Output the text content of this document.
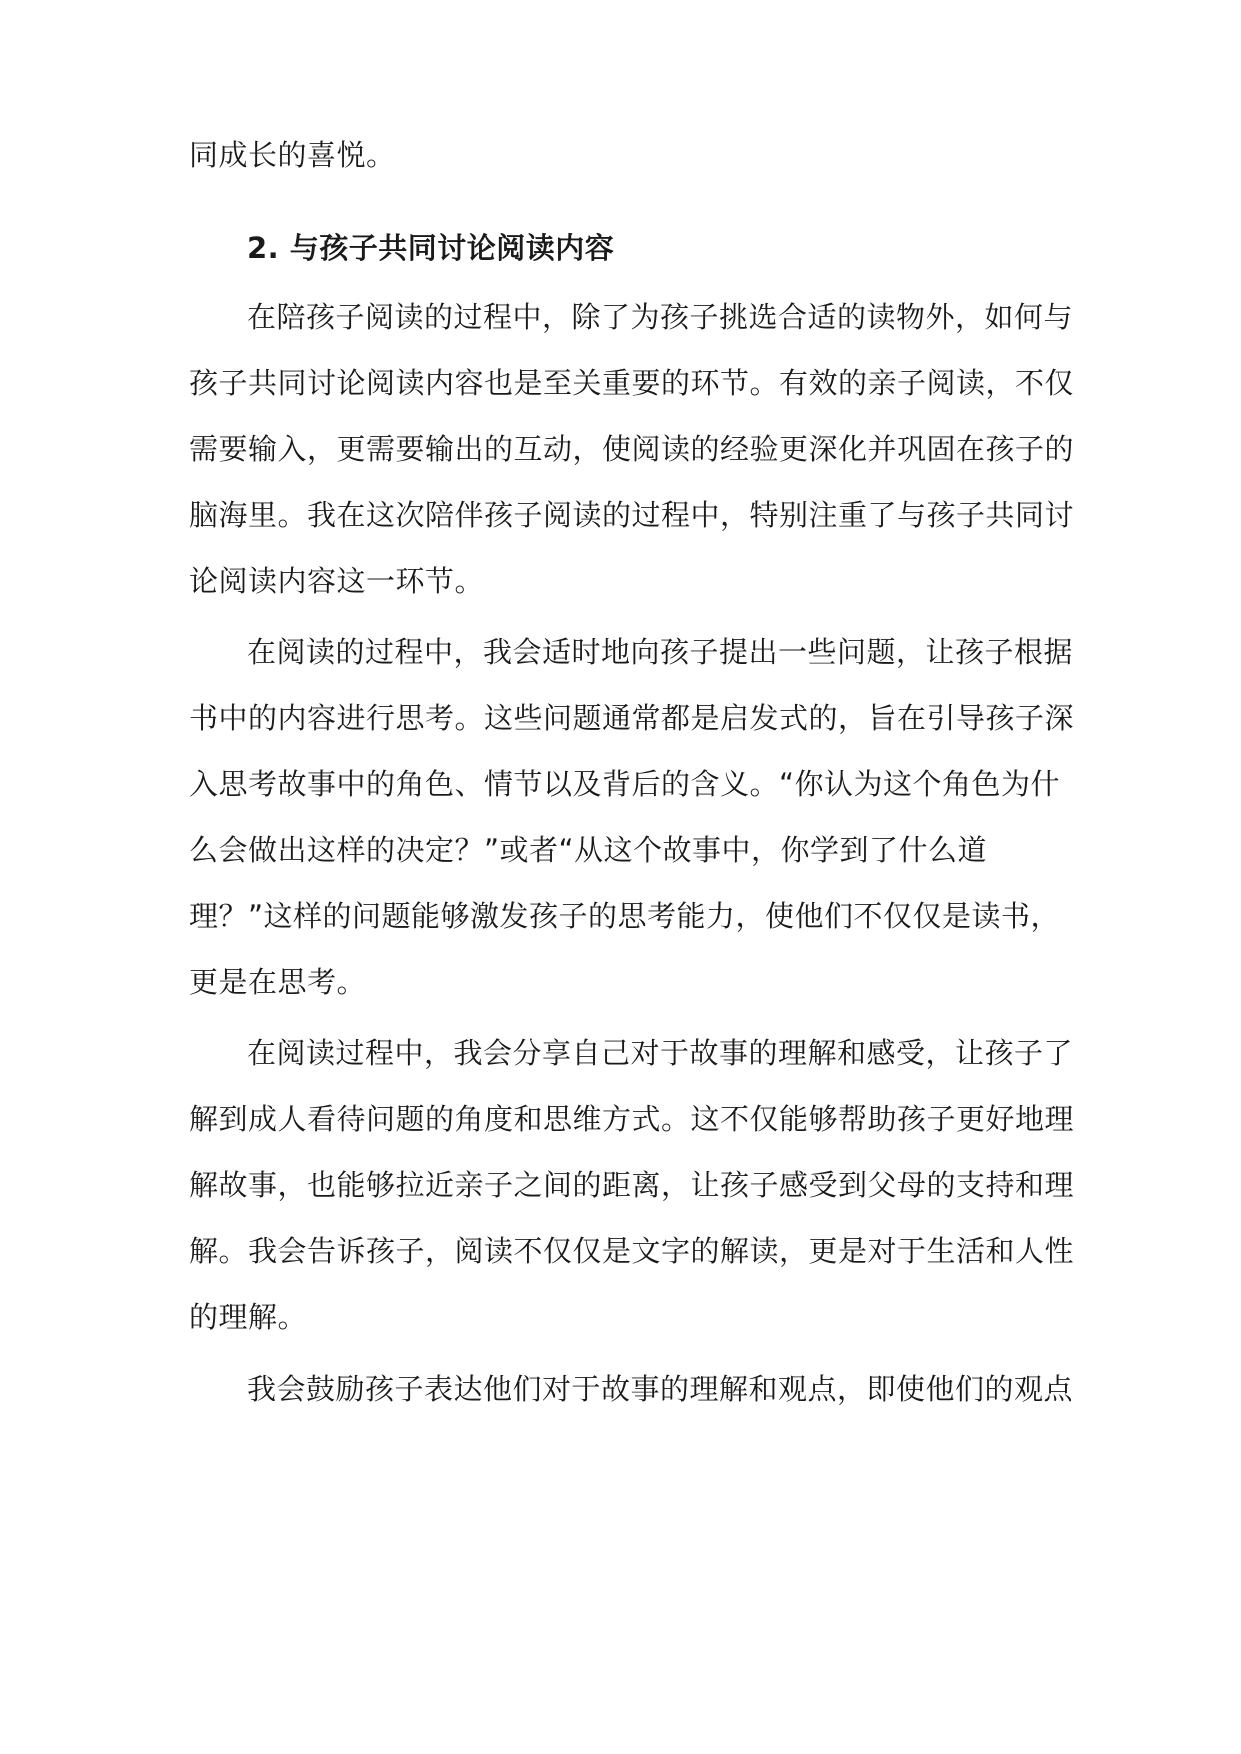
同成长的喜悦。
2. 与孩子共同讨论阅读内容
在陪孩子阅读的过程中，除了为孩子挑选合适的读物外，如何与
孩子共同讨论阅读内容也是至关重要的环节。有效的亲子阅读，不仅
需要输入，更需要输出的互动，使阅读的经验更深化并巩固在孩子的
脑海里。我在这次陪伴孩子阅读的过程中，特别注重了与孩子共同讨
论阅读内容这一环节。
在阅读的过程中，我会适时地向孩子提出一些问题，让孩子根据
书中的内容进行思考。这些问题通常都是启发式的，旨在引导孩子深
入思考故事中的角色、情节以及背后的含义。“你认为这个角色为什
么会做出这样的决定？”或者“从这个故事中，你学到了什么道
理？”这样的问题能够激发孩子的思考能力，使他们不仅仅是读书，
更是在思考。
在阅读过程中，我会分享自己对于故事的理解和感受，让孩子了
解到成人看待问题的角度和思维方式。这不仅能够帮助孩子更好地理
解故事，也能够拉近亲子之间的距离，让孩子感受到父母的支持和理
解。我会告诉孩子，阅读不仅仅是文字的解读，更是对于生活和人性
的理解。
我会鼓励孩子表达他们对于故事的理解和观点，即使他们的观点
